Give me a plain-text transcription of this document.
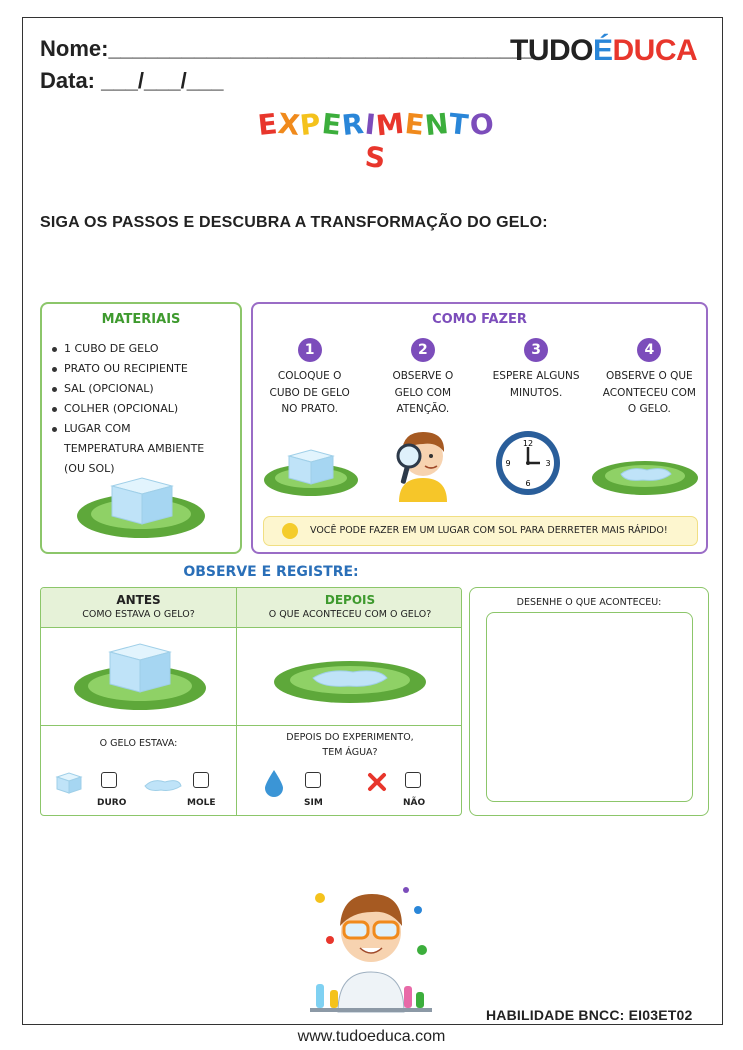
Nome:___________________________________
Data: ___/___/___
TUDO É DUCA
EXPERIMENTOS
SIGA OS PASSOS E DESCUBRA A TRANSFORMAÇÃO DO GELO:
MATERIAIS
1 CUBO DE GELO
PRATO OU RECIPIENTE
SAL (OPCIONAL)
COLHER (OPCIONAL)
LUGAR COM TEMPERATURA AMBIENTE (OU SOL)
COMO FAZER
1
COLOQUE O
CUBO DE GELO
NO PRATO.
2
OBSERVE O
GELO COM
ATENÇÃO.
3
ESPERE ALGUNS
MINUTOS.
4
OBSERVE O QUE
ACONTECEU COM
O GELO.
12
3
6
9
VOCÊ PODE FAZER EM UM LUGAR COM SOL PARA DERRETER MAIS RÁPIDO!
OBSERVE E REGISTRE:
ANTES
COMO ESTAVA O GELO?
DEPOIS
O QUE ACONTECEU COM O GELO?
O GELO ESTAVA:
DURO	MOLE
DEPOIS DO EXPERIMENTO,
TEM ÁGUA?
SIM	NÃO
DESENHE O QUE ACONTECEU:
HABILIDADE BNCC: EI03ET02
www.tudoeduca.com
